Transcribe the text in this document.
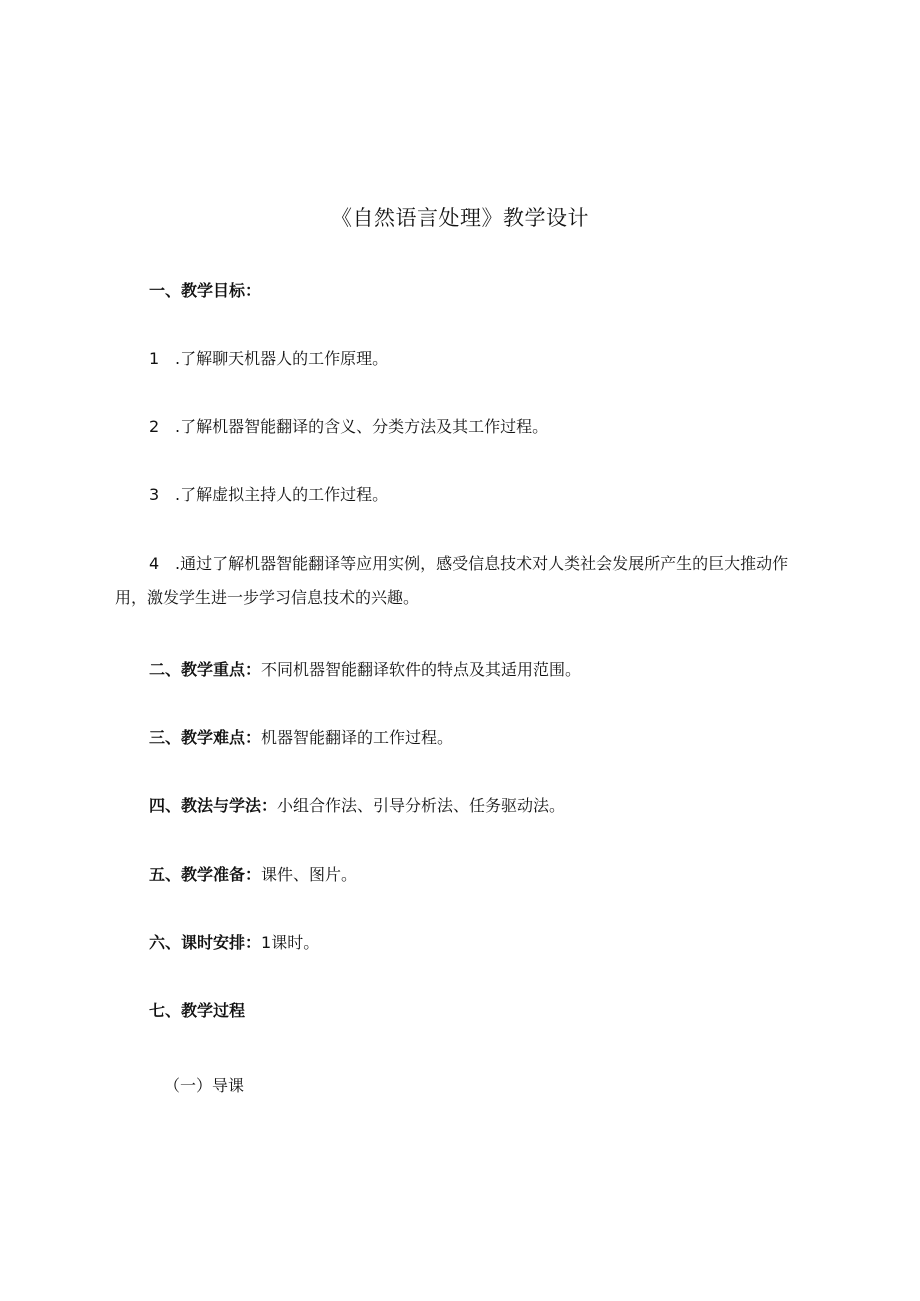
《自然语言处理》教学设计
一、教学目标：
1 .了解聊天机器人的工作原理。
2 .了解机器智能翻译的含义、分类方法及其工作过程。
3 .了解虚拟主持人的工作过程。
4 .通过了解机器智能翻译等应用实例，感受信息技术对人类社会发展所产生的巨大推动作用，激发学生进一步学习信息技术的兴趣。
二、教学重点：不同机器智能翻译软件的特点及其适用范围。
三、教学难点：机器智能翻译的工作过程。
四、教法与学法：小组合作法、引导分析法、任务驱动法。
五、教学准备：课件、图片。
六、课时安排：1课时。
七、教学过程
（一）导课
